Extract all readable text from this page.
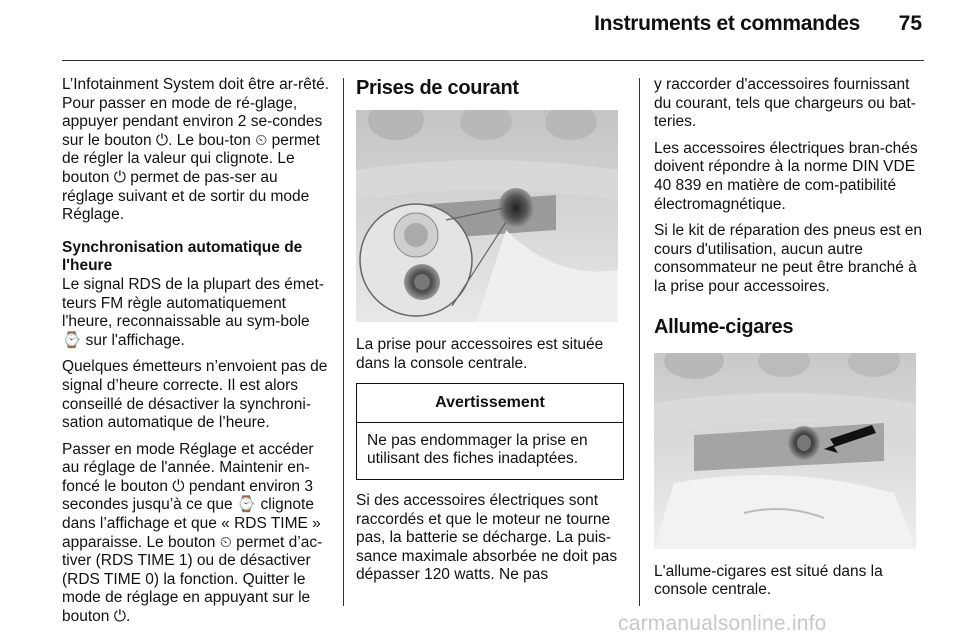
Instruments et commandes 75

L’Infotainment System doit être ar-rêté. Pour passer en mode de ré-glage, appuyer pendant environ 2 se-condes sur le bouton ⏻. Le bou-ton ⏲ permet de régler la valeur qui clignote. Le bouton ⏻ permet de pas-ser au réglage suivant et de sortir du mode Réglage.

Synchronisation automatique de l'heure

Le signal RDS de la plupart des émet-teurs FM règle automatiquement l'heure, reconnaissable au sym-bole ⌚ sur l'affichage.

Quelques émetteurs n’envoient pas de signal d’heure correcte. Il est alors conseillé de désactiver la synchroni-sation automatique de l’heure.

Passer en mode Réglage et accéder au réglage de l'année. Maintenir en-foncé le bouton ⏻ pendant environ 3 secondes jusqu’à ce que ⌚ clignote dans l’affichage et que « RDS TIME » apparaisse. Le bouton ⏲ permet d’ac-tiver (RDS TIME 1) ou de désactiver (RDS TIME 0) la fonction. Quitter le mode de réglage en appuyant sur le bouton ⏻.

Prises de courant

La prise pour accessoires est située dans la console centrale.

Avertissement
Ne pas endommager la prise en utilisant des fiches inadaptées.

Si des accessoires électriques sont raccordés et que le moteur ne tourne pas, la batterie se décharge. La puis-sance maximale absorbée ne doit pas dépasser 120 watts. Ne pas

y raccorder d'accessoires fournissant du courant, tels que chargeurs ou bat-teries.

Les accessoires électriques bran-chés doivent répondre à la norme DIN VDE 40 839 en matière de com-patibilité électromagnétique.

Si le kit de réparation des pneus est en cours d'utilisation, aucun autre consommateur ne peut être branché à la prise pour accessoires.

Allume-cigares

L'allume-cigares est situé dans la console centrale.

carmanualsonline.info
